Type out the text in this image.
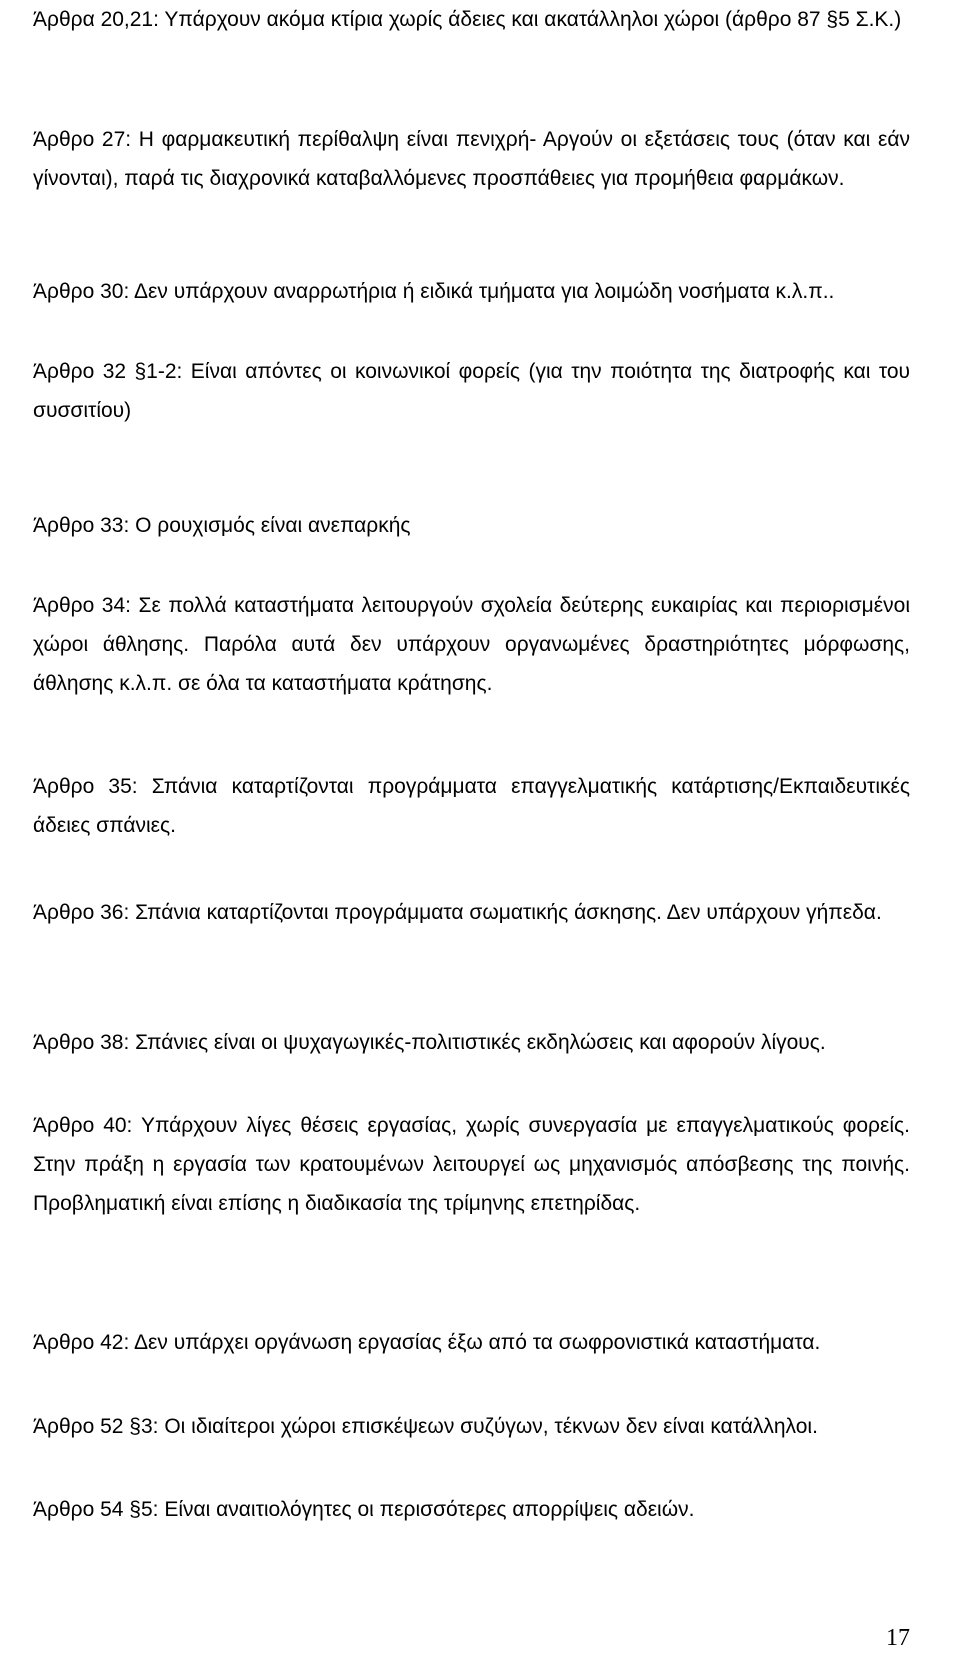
Άρθρα 20,21: Υπάρχουν ακόμα κτίρια χωρίς άδειες και ακατάλληλοι χώροι (άρθρο 87 §5 Σ.Κ.)

Άρθρο 27: Η φαρμακευτική περίθαλψη είναι πενιχρή- Αργούν οι εξετάσεις τους (όταν και εάν γίνονται), παρά τις διαχρονικά καταβαλλόμενες προσπάθειες για προμήθεια φαρμάκων.

Άρθρο 30: Δεν υπάρχουν αναρρωτήρια ή ειδικά τμήματα για λοιμώδη νοσήματα κ.λ.π..

Άρθρο 32 §1-2: Είναι απόντες οι κοινωνικοί φορείς (για την ποιότητα της διατροφής και του συσσιτίου)

Άρθρο 33: Ο ρουχισμός είναι ανεπαρκής

Άρθρο 34: Σε πολλά καταστήματα λειτουργούν σχολεία δεύτερης ευκαιρίας και περιορισμένοι χώροι άθλησης. Παρόλα αυτά δεν υπάρχουν οργανωμένες δραστηριότητες μόρφωσης, άθλησης κ.λ.π. σε όλα τα καταστήματα κράτησης.

Άρθρο 35: Σπάνια καταρτίζονται προγράμματα επαγγελματικής κατάρτισης/Εκπαιδευτικές άδειες σπάνιες.

Άρθρο 36: Σπάνια καταρτίζονται προγράμματα σωματικής άσκησης. Δεν υπάρχουν γήπεδα.

Άρθρο 38: Σπάνιες είναι οι ψυχαγωγικές-πολιτιστικές εκδηλώσεις και αφορούν λίγους.

Άρθρο 40: Υπάρχουν λίγες θέσεις εργασίας, χωρίς συνεργασία με επαγγελματικούς φορείς. Στην πράξη η εργασία των κρατουμένων λειτουργεί ως μηχανισμός απόσβεσης της ποινής. Προβληματική είναι επίσης η διαδικασία της τρίμηνης επετηρίδας.

Άρθρο 42: Δεν υπάρχει οργάνωση εργασίας έξω από τα σωφρονιστικά καταστήματα.

Άρθρο 52 §3: Οι ιδιαίτεροι χώροι επισκέψεων συζύγων, τέκνων δεν είναι κατάλληλοι.

Άρθρο 54 §5: Είναι αναιτιολόγητες οι περισσότερες απορρίψεις αδειών.

17
